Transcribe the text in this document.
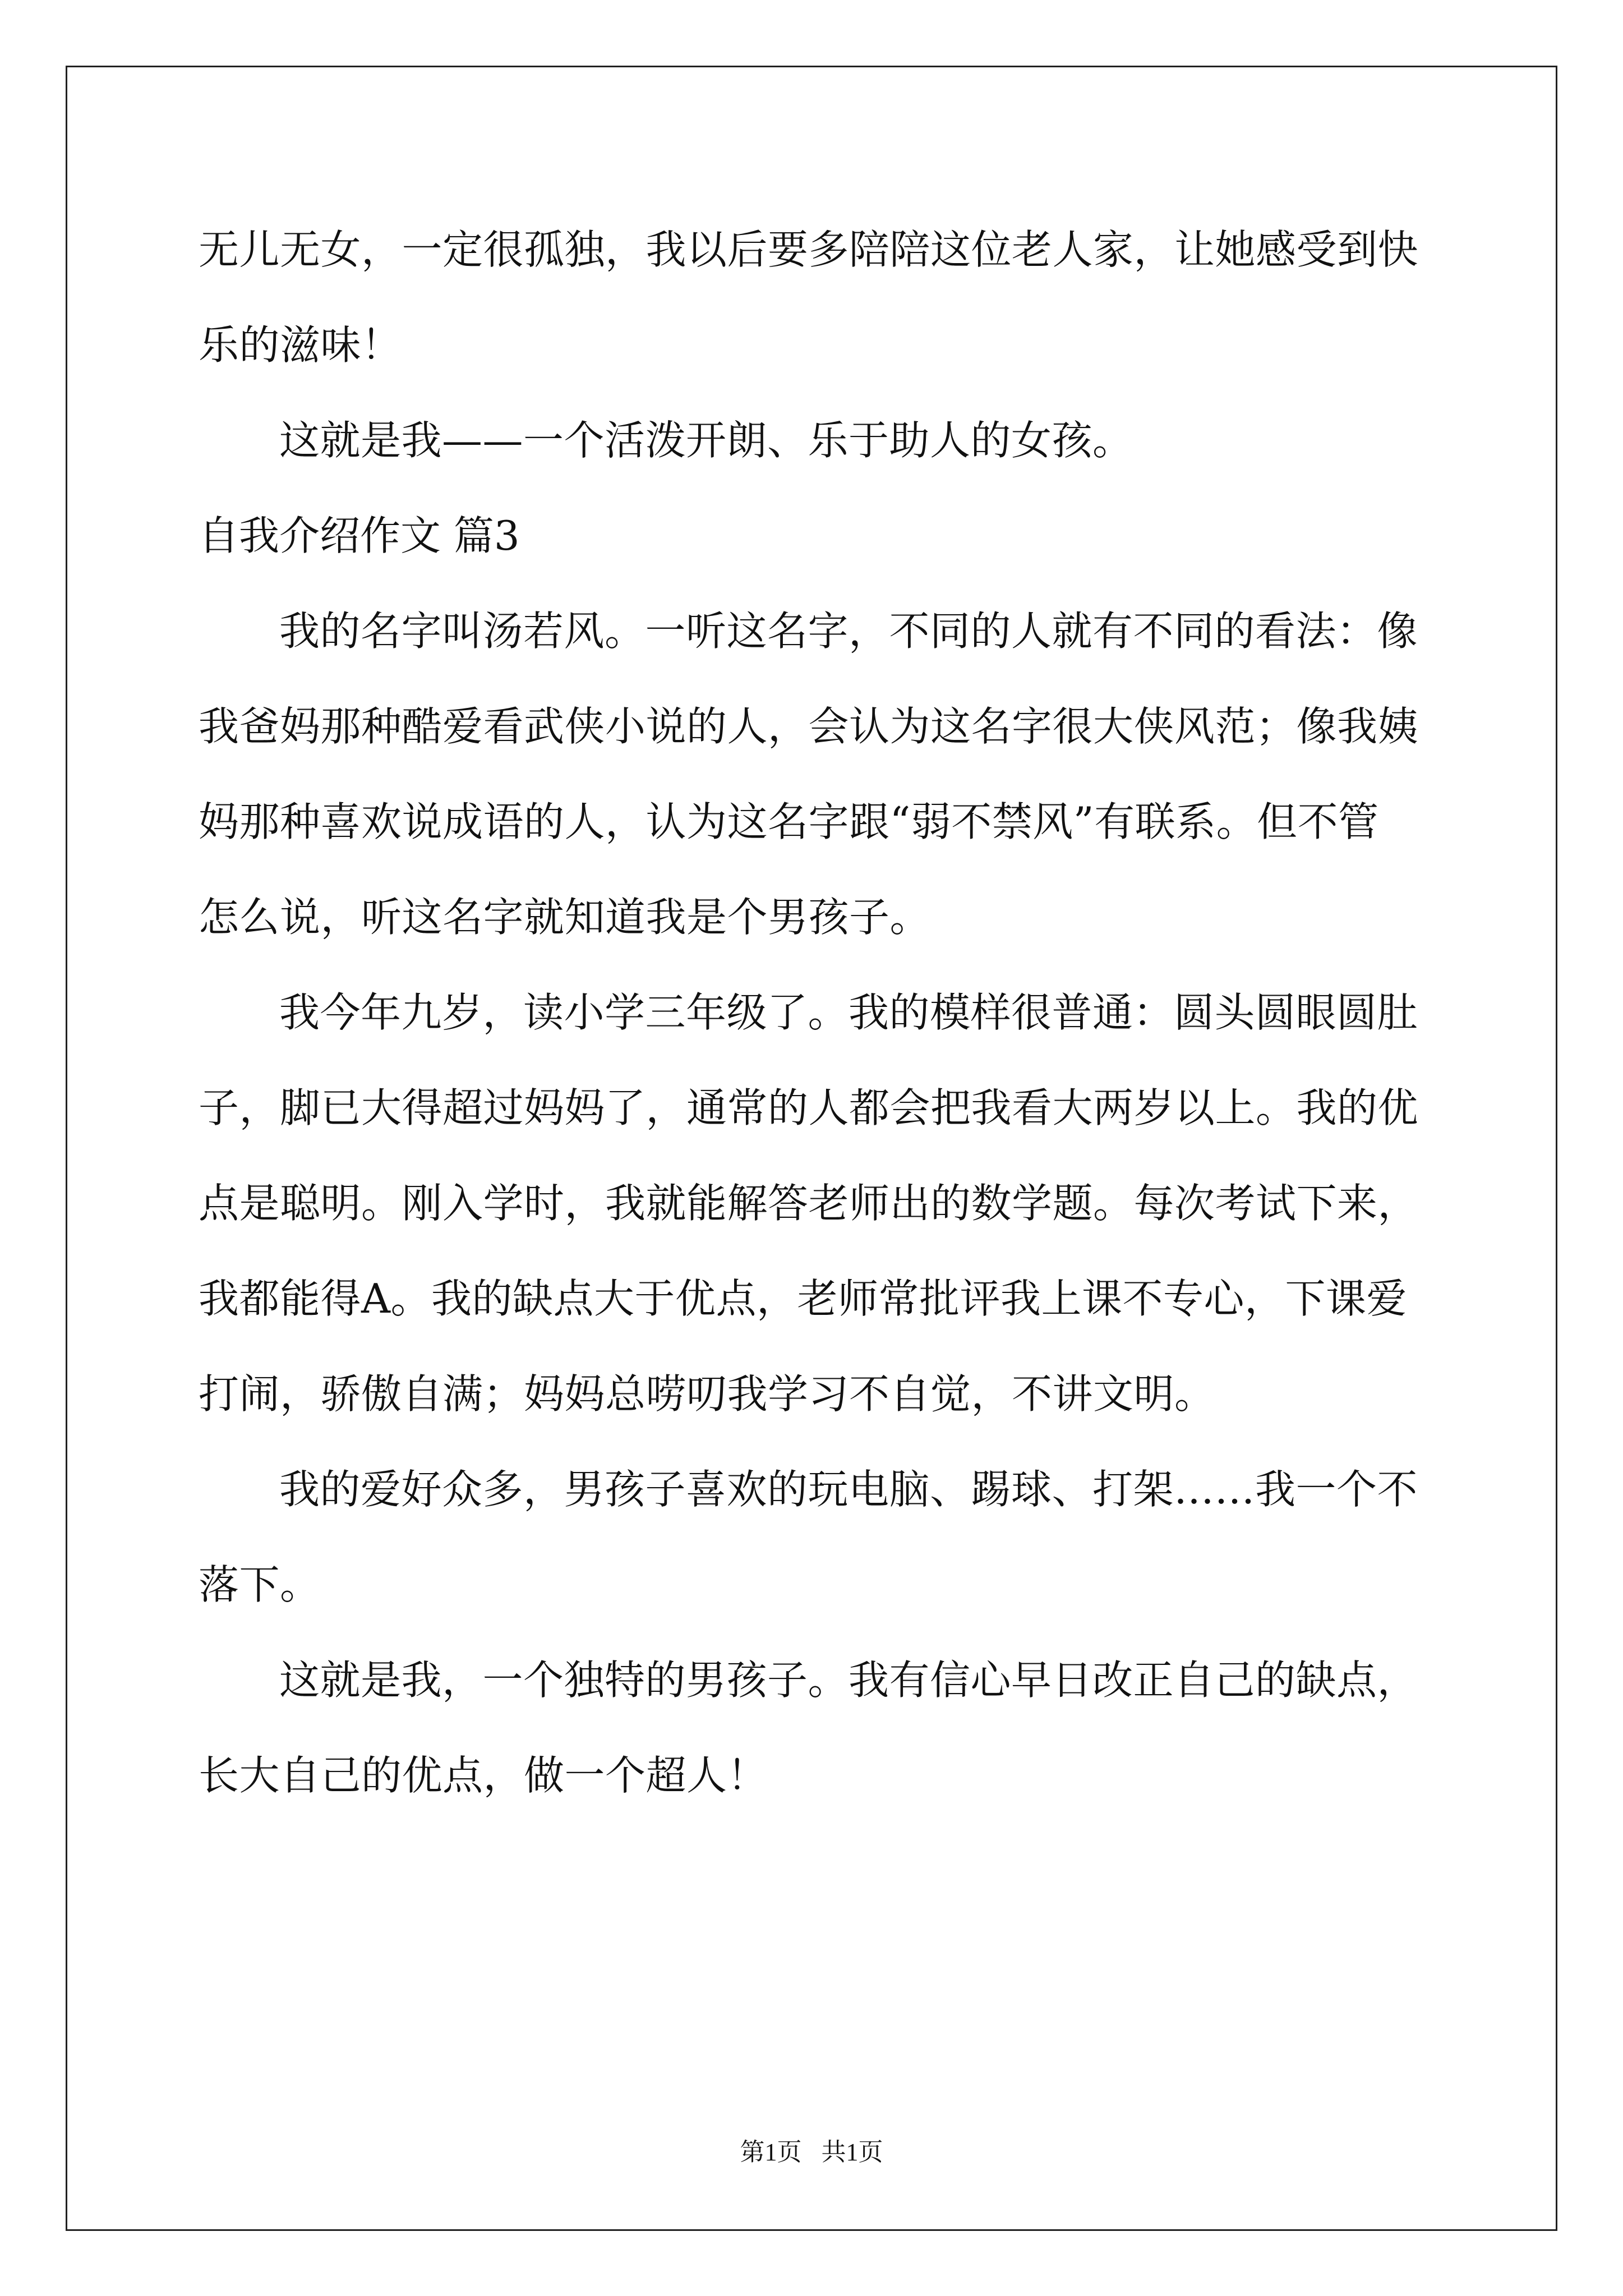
无儿无女，一定很孤独，我以后要多陪陪这位老人家，让她感受到快
乐的滋味！
这就是我——一个活泼开朗、乐于助人的女孩。
自我介绍作文 篇3
我的名字叫汤若风。一听这名字，不同的人就有不同的看法：像
我爸妈那种酷爱看武侠小说的人，会认为这名字很大侠风范；像我姨
妈那种喜欢说成语的人，认为这名字跟“弱不禁风”有联系。但不管
怎么说，听这名字就知道我是个男孩子。
我今年九岁，读小学三年级了。我的模样很普通：圆头圆眼圆肚
子，脚已大得超过妈妈了，通常的人都会把我看大两岁以上。我的优
点是聪明。刚入学时，我就能解答老师出的数学题。每次考试下来，
我都能得A。我的缺点大于优点，老师常批评我上课不专心，下课爱
打闹，骄傲自满；妈妈总唠叨我学习不自觉，不讲文明。
我的爱好众多，男孩子喜欢的玩电脑、踢球、打架……我一个不
落下。
这就是我，一个独特的男孩子。我有信心早日改正自己的缺点，
长大自己的优点，做一个超人！
第1页 共1页
